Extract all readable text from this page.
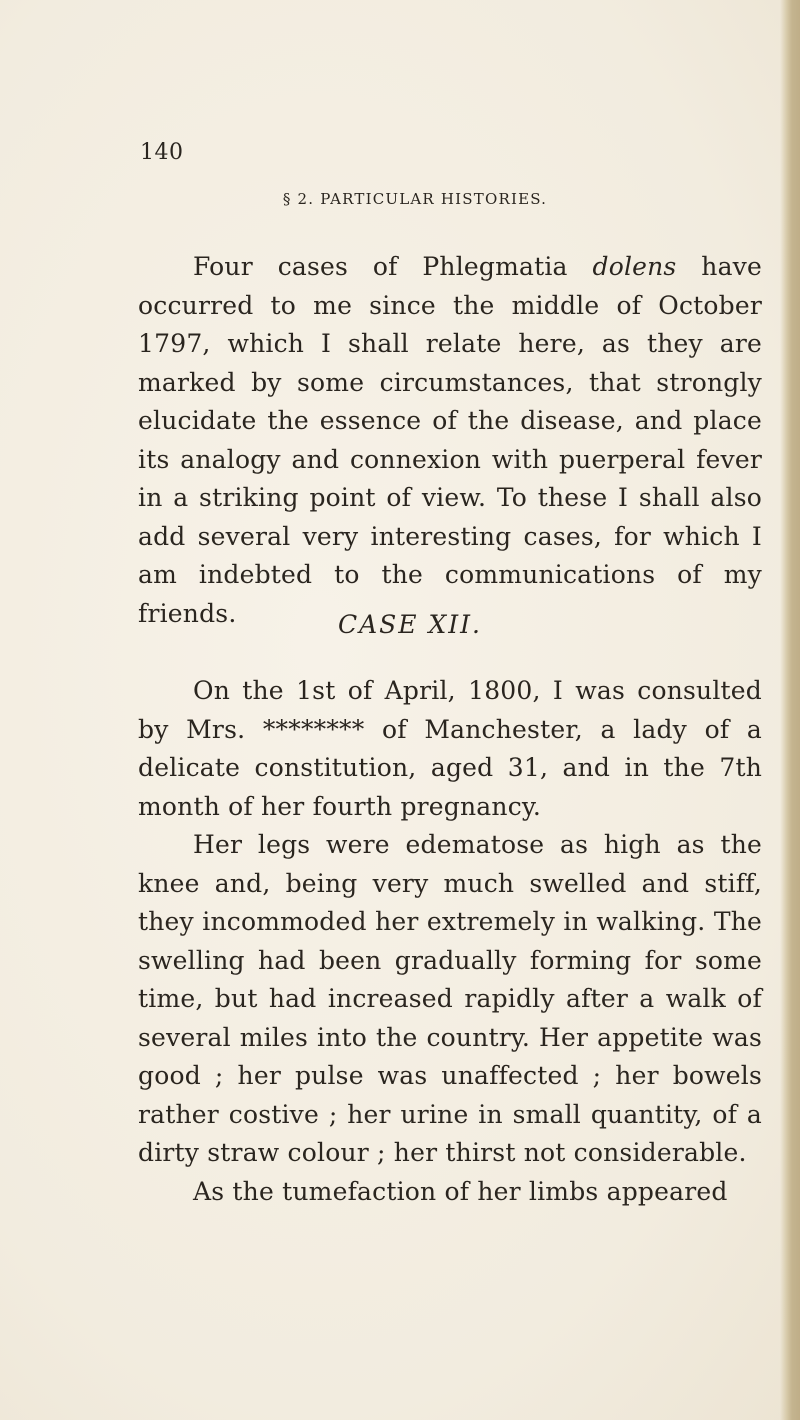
140
§ 2. PARTICULAR HISTORIES.

Four cases of Phlegmatia dolens have occurred to me since the middle of October 1797, which I shall relate here, as they are marked by some circumstances, that strongly elucidate the essence of the disease, and place its analogy and connexion with puerperal fever in a striking point of view. To these I shall also add several very interesting cases, for which I am indebted to the communications of my friends.	CASE XII.

On the 1st of April, 1800, I was consulted by Mrs. ******** of Manchester, a lady of a delicate constitution, aged 31, and in the 7th month of her fourth pregnancy.

Her legs were edematose as high as the knee and, being very much swelled and stiff, they incommoded her extremely in walking. The swelling had been gradually forming for some time, but had increased rapidly after a walk of several miles into the country. Her appetite was good ; her pulse was unaffected ; her bowels rather costive ; her urine in small quantity, of a dirty straw colour ; her thirst not considerable.

As the tumefaction of her limbs appeared
